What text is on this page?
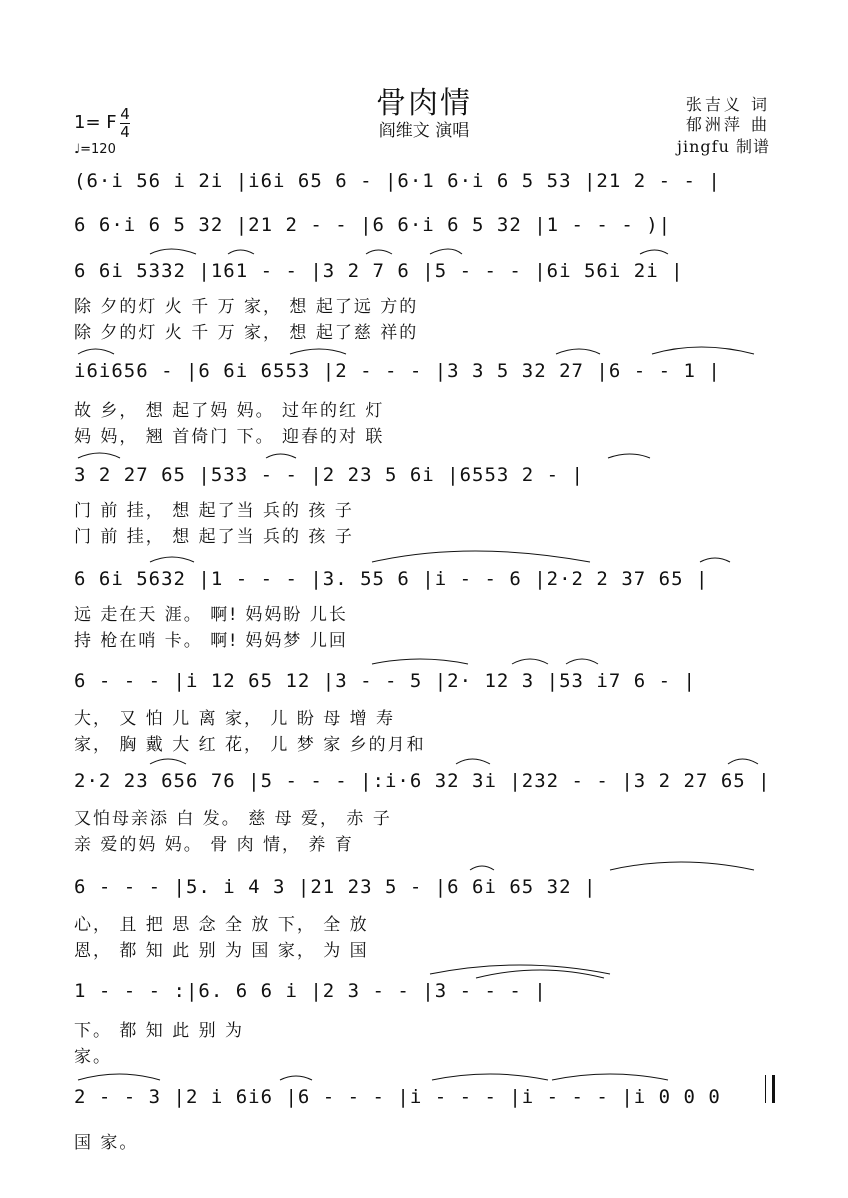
骨肉情
阎维文 演唱
张吉义 词
郁洲萍 曲
jingfu 制谱
1= F 4
4
♩=120
(6·i 56 i 2i |i6i 65 6 - |6·1 6·i 6 5 53 |21 2 - - |
6 6·i 6 5 32 |21 2 - - |6 6·i 6 5 32 |1 - - - )|
6 6i 5332 |161 - - |3 2 7 6 |5 - - - |6i 56i 2i |
除 夕的灯 火 千 万 家， 想 起了远 方的
除 夕的灯 火 千 万 家， 想 起了慈 祥的
i6i656 - |6 6i 6553 |2 - - - |3 3 5 32 27 |6 - - 1 |
故 乡， 想 起了妈 妈。 过年的红 灯
妈 妈， 翘 首倚门 下。 迎春的对 联
3 2 27 65 |533 - - |2 23 5 6i |6553 2 - |
门 前 挂， 想 起了当 兵的 孩 子
门 前 挂， 想 起了当 兵的 孩 子
6 6i 5632 |1 - - - |3. 55 6 |i - - 6 |2·2 2 37 65 |
远 走在天 涯。 啊! 妈妈盼 儿长
持 枪在哨 卡。 啊! 妈妈梦 儿回
6 - - - |i 12 65 12 |3 - - 5 |2· 12 3 |53 i7 6 - |
大， 又 怕 儿 离 家， 儿 盼 母 增 寿
家， 胸 戴 大 红 花， 儿 梦 家 乡的月和
2·2 23 656 76 |5 - - - |:i·6 32 3i |232 - - |3 2 27 65 |
又怕母亲添 白 发。 慈 母 爱， 赤 子
亲 爱的妈 妈。 骨 肉 情， 养 育
6 - - - |5. i 4 3 |21 23 5 - |6 6i 65 32 |
心， 且 把 思 念 全 放 下， 全 放
恩， 都 知 此 别 为 国 家， 为 国
1 - - - :|6. 6 6 i |2 3 - - |3 - - - |
下。 都 知 此 别 为
家。
2 - - 3 |2 i 6i6 |6 - - - |i - - - |i - - - |i 0 0 0
国 家。
